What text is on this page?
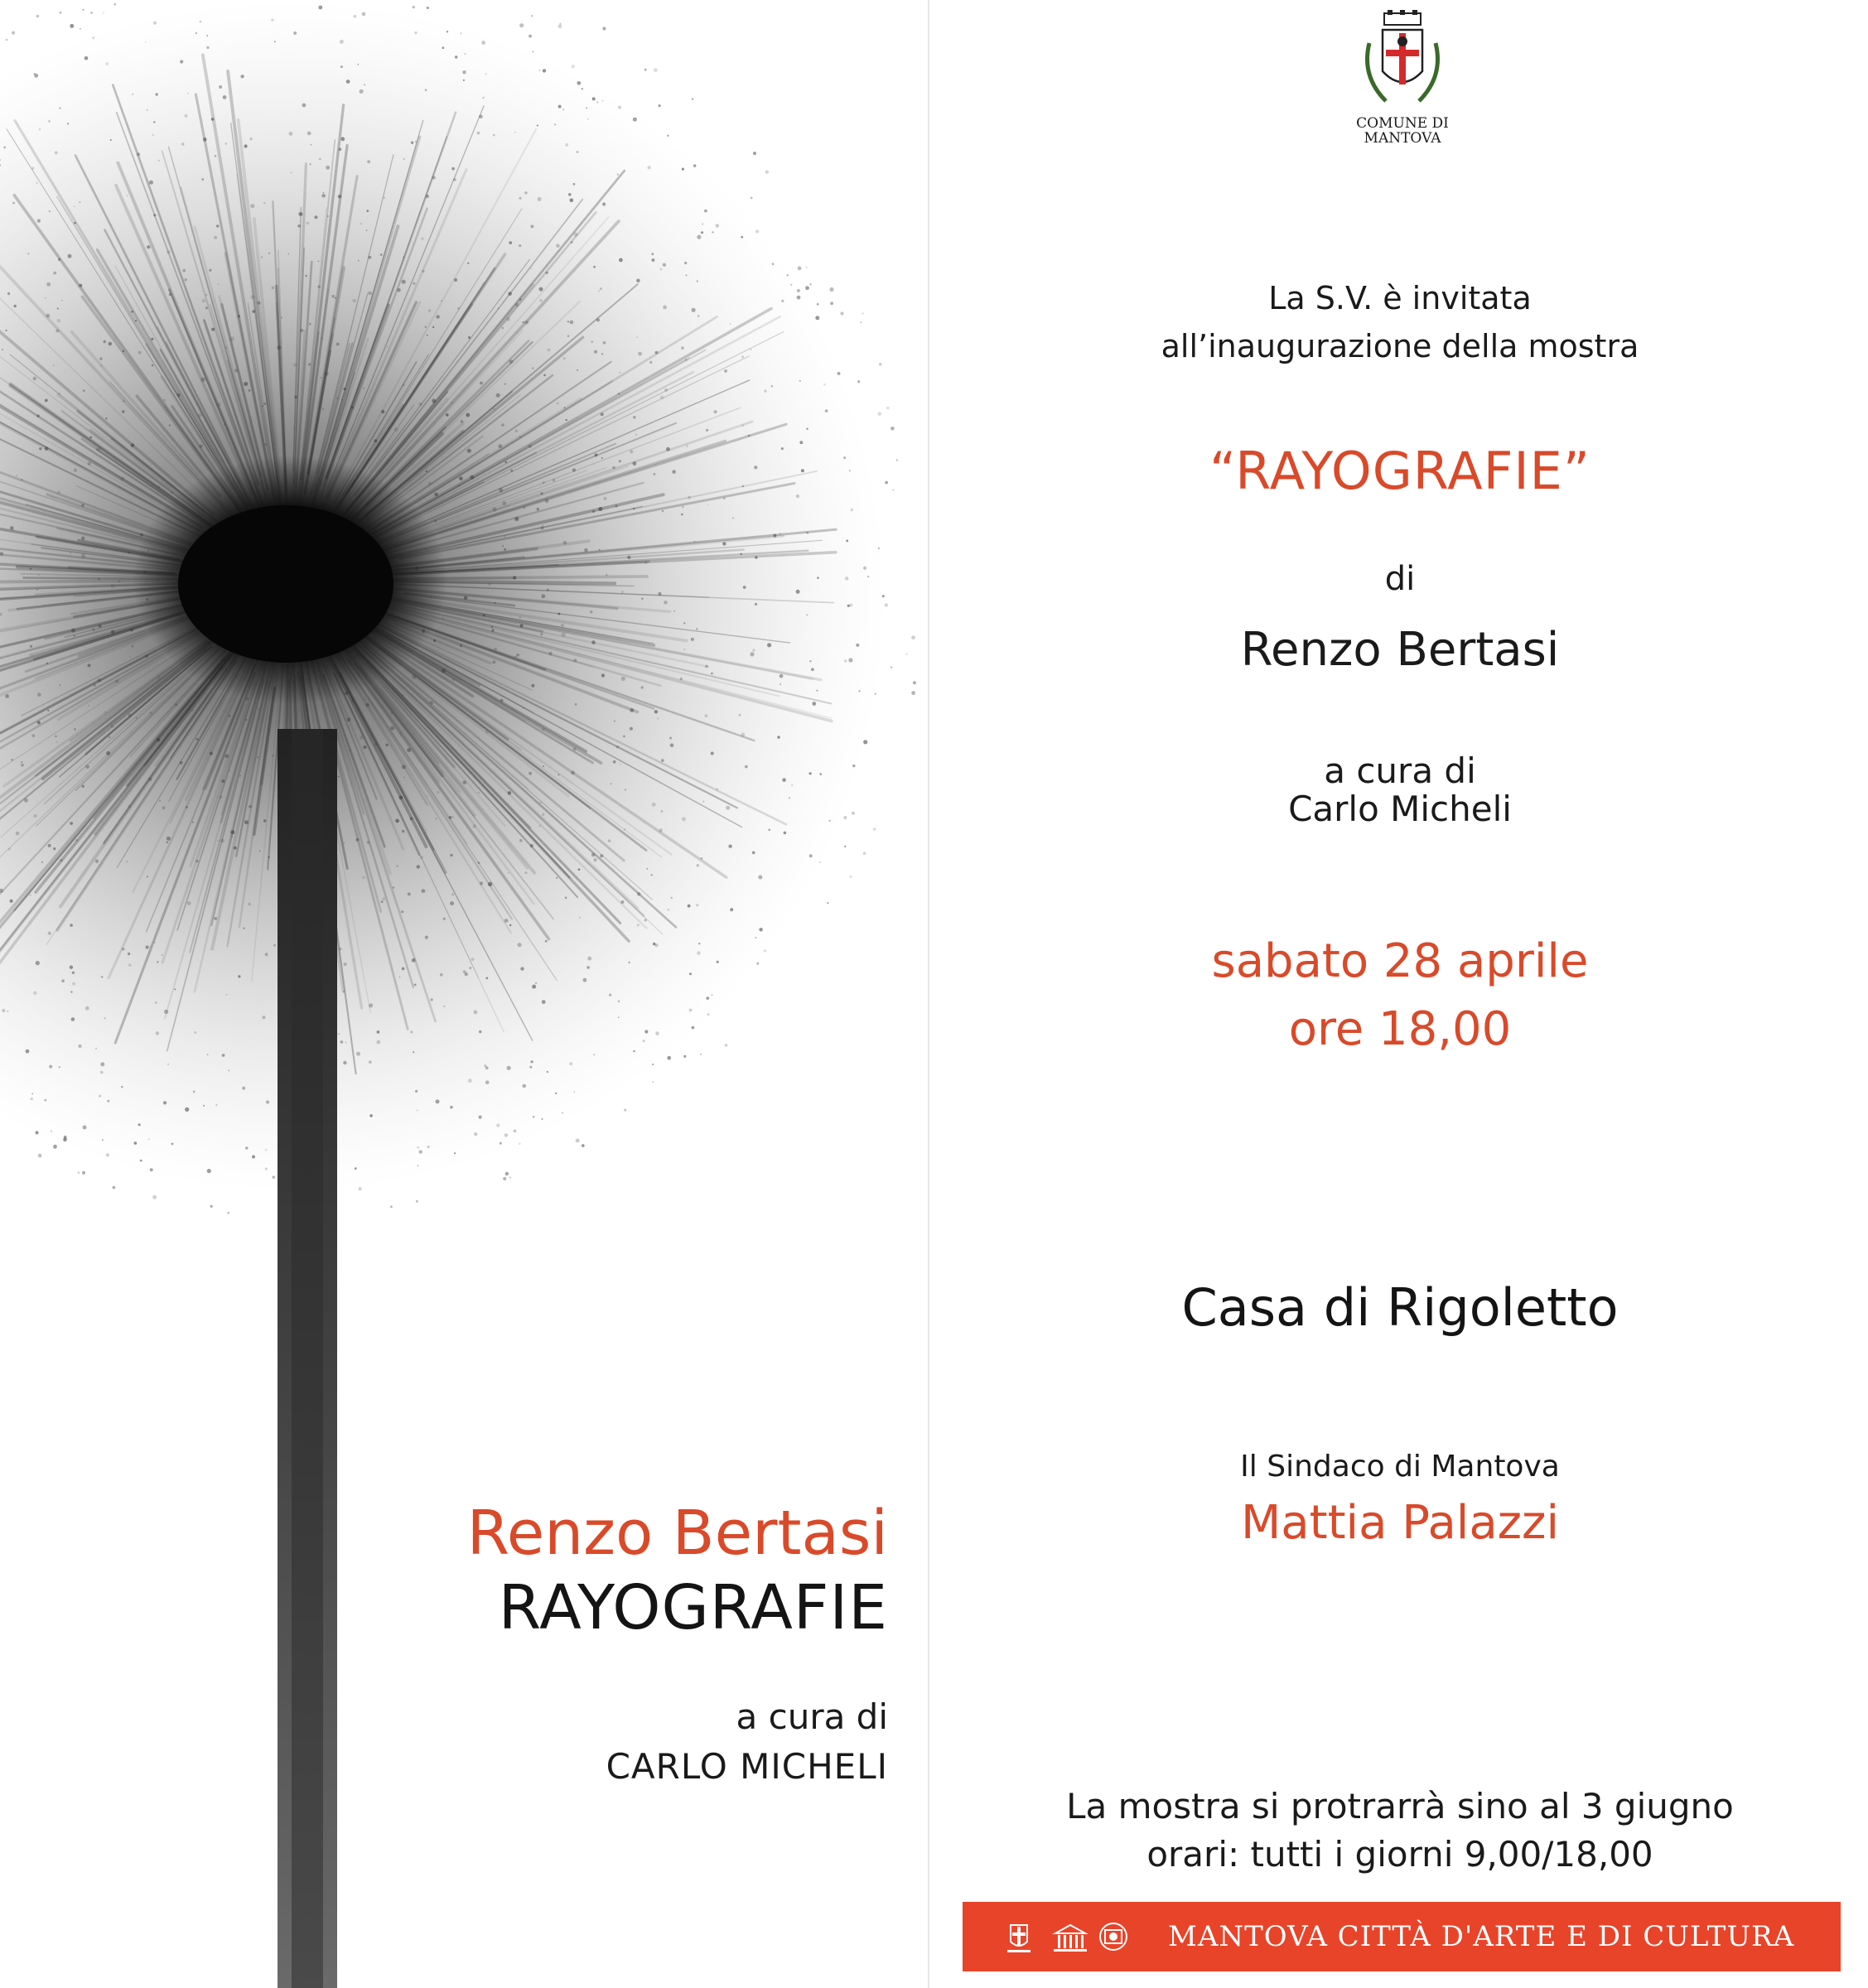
Renzo Bertasi
RAYOGRAFIE
a cura di
CARLO MICHELI
COMUNE DI
MANTOVA
La S.V. è invitata
all’inaugurazione della mostra
“RAYOGRAFIE”
di
Renzo Bertasi
a cura di
Carlo Micheli
sabato 28 aprile
ore 18,00
Casa di Rigoletto
Il Sindaco di Mantova
Mattia Palazzi
La mostra si protrarrà sino al 3 giugno
orari: tutti i giorni 9,00/18,00
MANTOVA CITTÀ D'ARTE E DI CULTURA
